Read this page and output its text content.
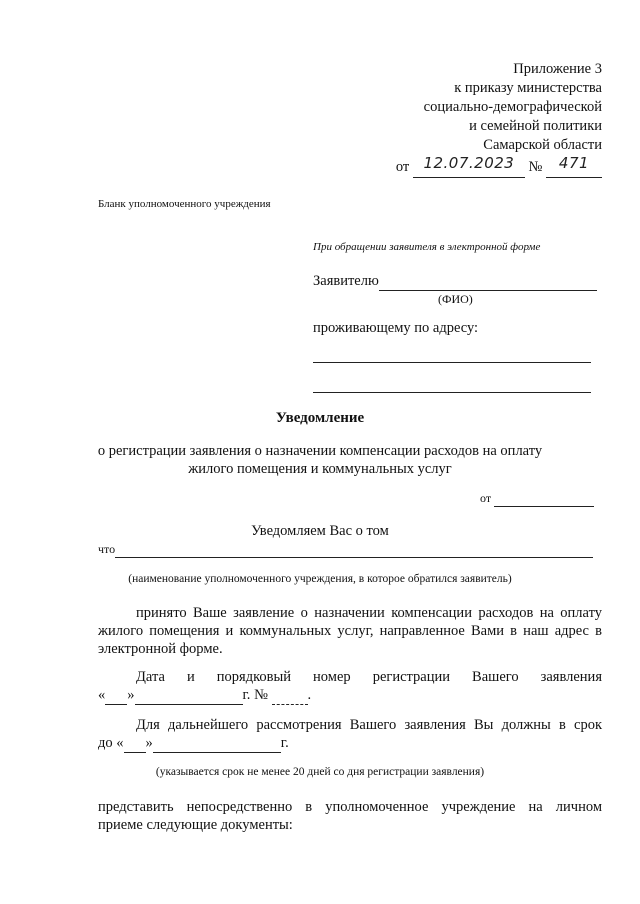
Приложение 3
к приказу министерства
социально-демографической
и семейной политики
Самарской области
от 12.07.2023 № 471
Бланк уполномоченного учреждения
При обращении заявителя в электронной форме
Заявителю
(ФИО)
проживающему по адресу:
Уведомление
о регистрации заявления о назначении компенсации расходов на оплату
жилого помещения и коммунальных услуг
от
Уведомляем Вас о том
что
(наименование уполномоченного учреждения, в которое обратился заявитель)
принято Ваше заявление о назначении компенсации расходов на оплату
жилого помещения и коммунальных услуг, направленное Вами в наш адрес в электронной форме.
Дата и порядковый номер регистрации Вашего заявления
« »	г. №	.
Для дальнейшего рассмотрения Вашего заявления Вы должны в срок
до « »	г.
(указывается срок не менее 20 дней со дня регистрации заявления)
представить непосредственно в уполномоченное учреждение на личном
приеме следующие документы:
